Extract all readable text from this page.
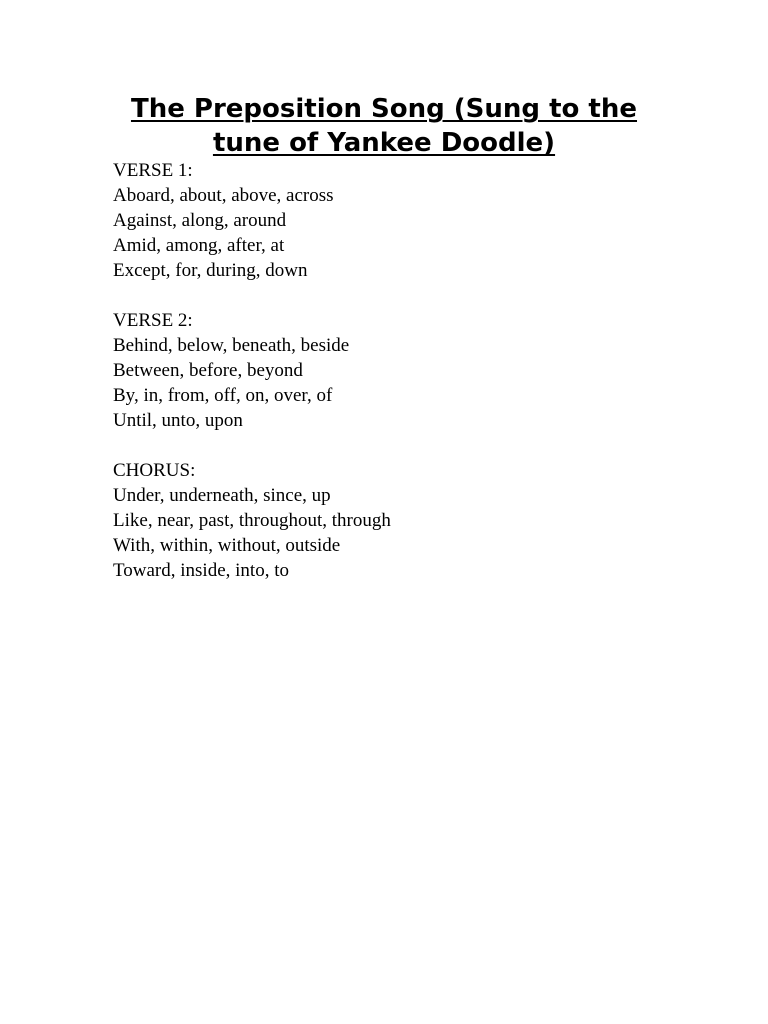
The Preposition Song (Sung to the tune of Yankee Doodle)
VERSE 1:
Aboard, about, above, across
Against, along, around
Amid, among, after, at
Except, for, during, down
VERSE 2:
Behind, below, beneath, beside
Between, before, beyond
By, in, from, off, on, over, of
Until, unto, upon
CHORUS:
Under, underneath, since, up
Like, near, past, throughout, through
With, within, without, outside
Toward, inside, into, to
